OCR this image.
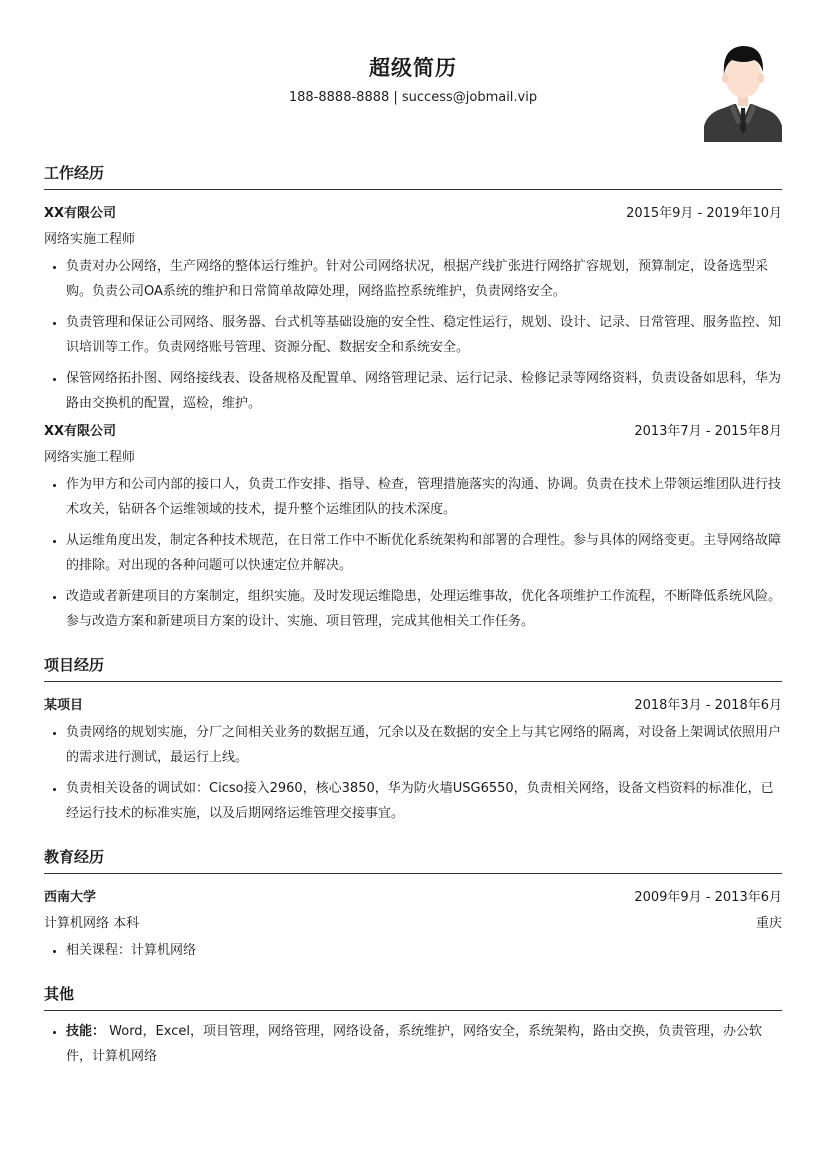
超级简历
188-8888-8888 | success@jobmail.vip
工作经历
XX有限公司	2015年9月 - 2019年10月
网络实施工程师
• 负责对办公网络，生产网络的整体运行维护。针对公司网络状况，根据产线扩张进行网络扩容规划，预算制定，设备选型采购。负责公司OA系统的维护和日常简单故障处理，网络监控系统维护，负责网络安全。
• 负责管理和保证公司网络、服务器、台式机等基础设施的安全性、稳定性运行，规划、设计、记录、日常管理、服务监控、知识培训等工作。负责网络账号管理、资源分配、数据安全和系统安全。
• 保管网络拓扑图、网络接线表、设备规格及配置单、网络管理记录、运行记录、检修记录等网络资料，负责设备如思科，华为路由交换机的配置，巡检，维护。
XX有限公司	2013年7月 - 2015年8月
网络实施工程师
• 作为甲方和公司内部的接口人，负责工作安排、指导、检查，管理措施落实的沟通、协调。负责在技术上带领运维团队进行技术攻关，钻研各个运维领域的技术，提升整个运维团队的技术深度。
• 从运维角度出发，制定各种技术规范，在日常工作中不断优化系统架构和部署的合理性。参与具体的网络变更。主导网络故障的排除。对出现的各种问题可以快速定位并解决。
• 改造或者新建项目的方案制定，组织实施。及时发现运维隐患，处理运维事故，优化各项维护工作流程，不断降低系统风险。参与改造方案和新建项目方案的设计、实施、项目管理，完成其他相关工作任务。
项目经历
某项目	2018年3月 - 2018年6月
• 负责网络的规划实施，分厂之间相关业务的数据互通，冗余以及在数据的安全上与其它网络的隔离，对设备上架调试依照用户的需求进行测试，最运行上线。
• 负责相关设备的调试如：Cicso接入2960，核心3850，华为防火墙USG6550，负责相关网络，设备文档资料的标准化，已经运行技术的标准实施，以及后期网络运维管理交接事宜。
教育经历
西南大学	2009年9月 - 2013年6月
计算机网络 本科	重庆
• 相关课程：计算机网络
其他
• 技能： Word，Excel，项目管理，网络管理，网络设备，系统维护，网络安全，系统架构，路由交换，负责管理，办公软件，计算机网络
